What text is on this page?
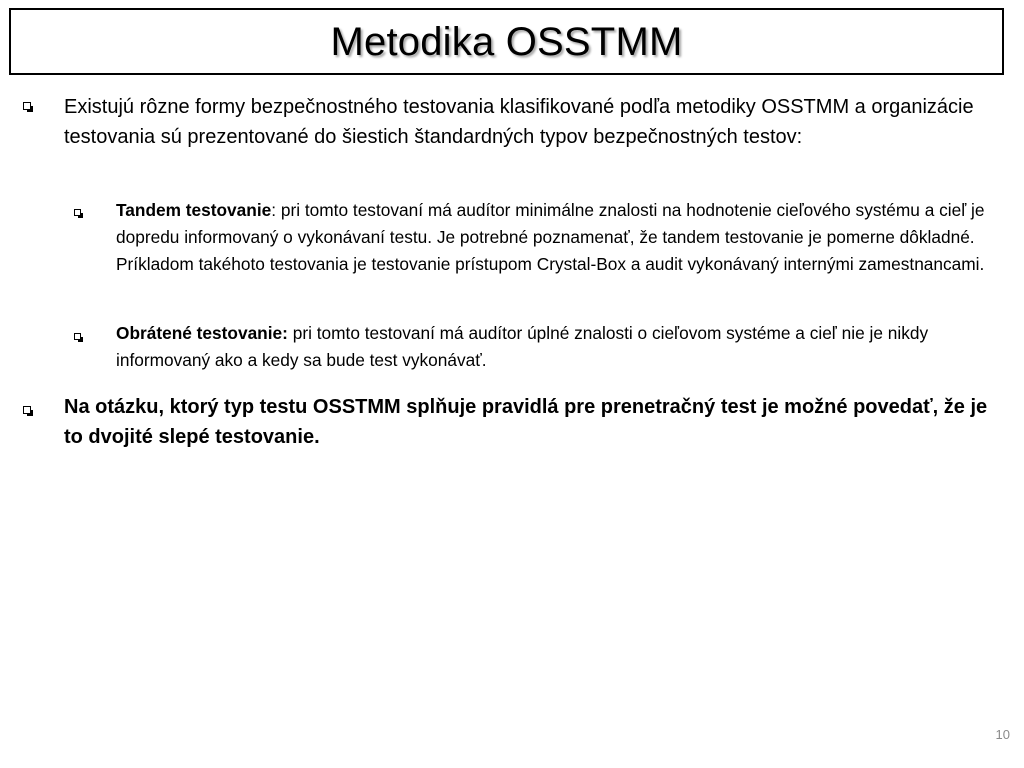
Metodika OSSTMM

Existujú rôzne formy bezpečnostného testovania klasifikované podľa metodiky OSSTMM a organizácie testovania sú prezentované do šiestich štandardných typov bezpečnostných testov:

Tandem testovanie: pri tomto testovaní má audítor minimálne znalosti na hodnotenie cieľového systému a cieľ je dopredu informovaný o vykonávaní testu. Je potrebné poznamenať, že tandem testovanie je pomerne dôkladné. Príkladom takéhoto testovania je testovanie prístupom Crystal-Box a audit vykonávaný internými zamestnancami.

Obrátené testovanie: pri tomto testovaní má audítor úplné znalosti o cieľovom systéme a cieľ nie je nikdy informovaný ako a kedy sa bude test vykonávať.

Na otázku, ktorý typ testu OSSTMM splňuje pravidlá pre prenetračný test je možné povedať, že je to dvojité slepé testovanie.

10
